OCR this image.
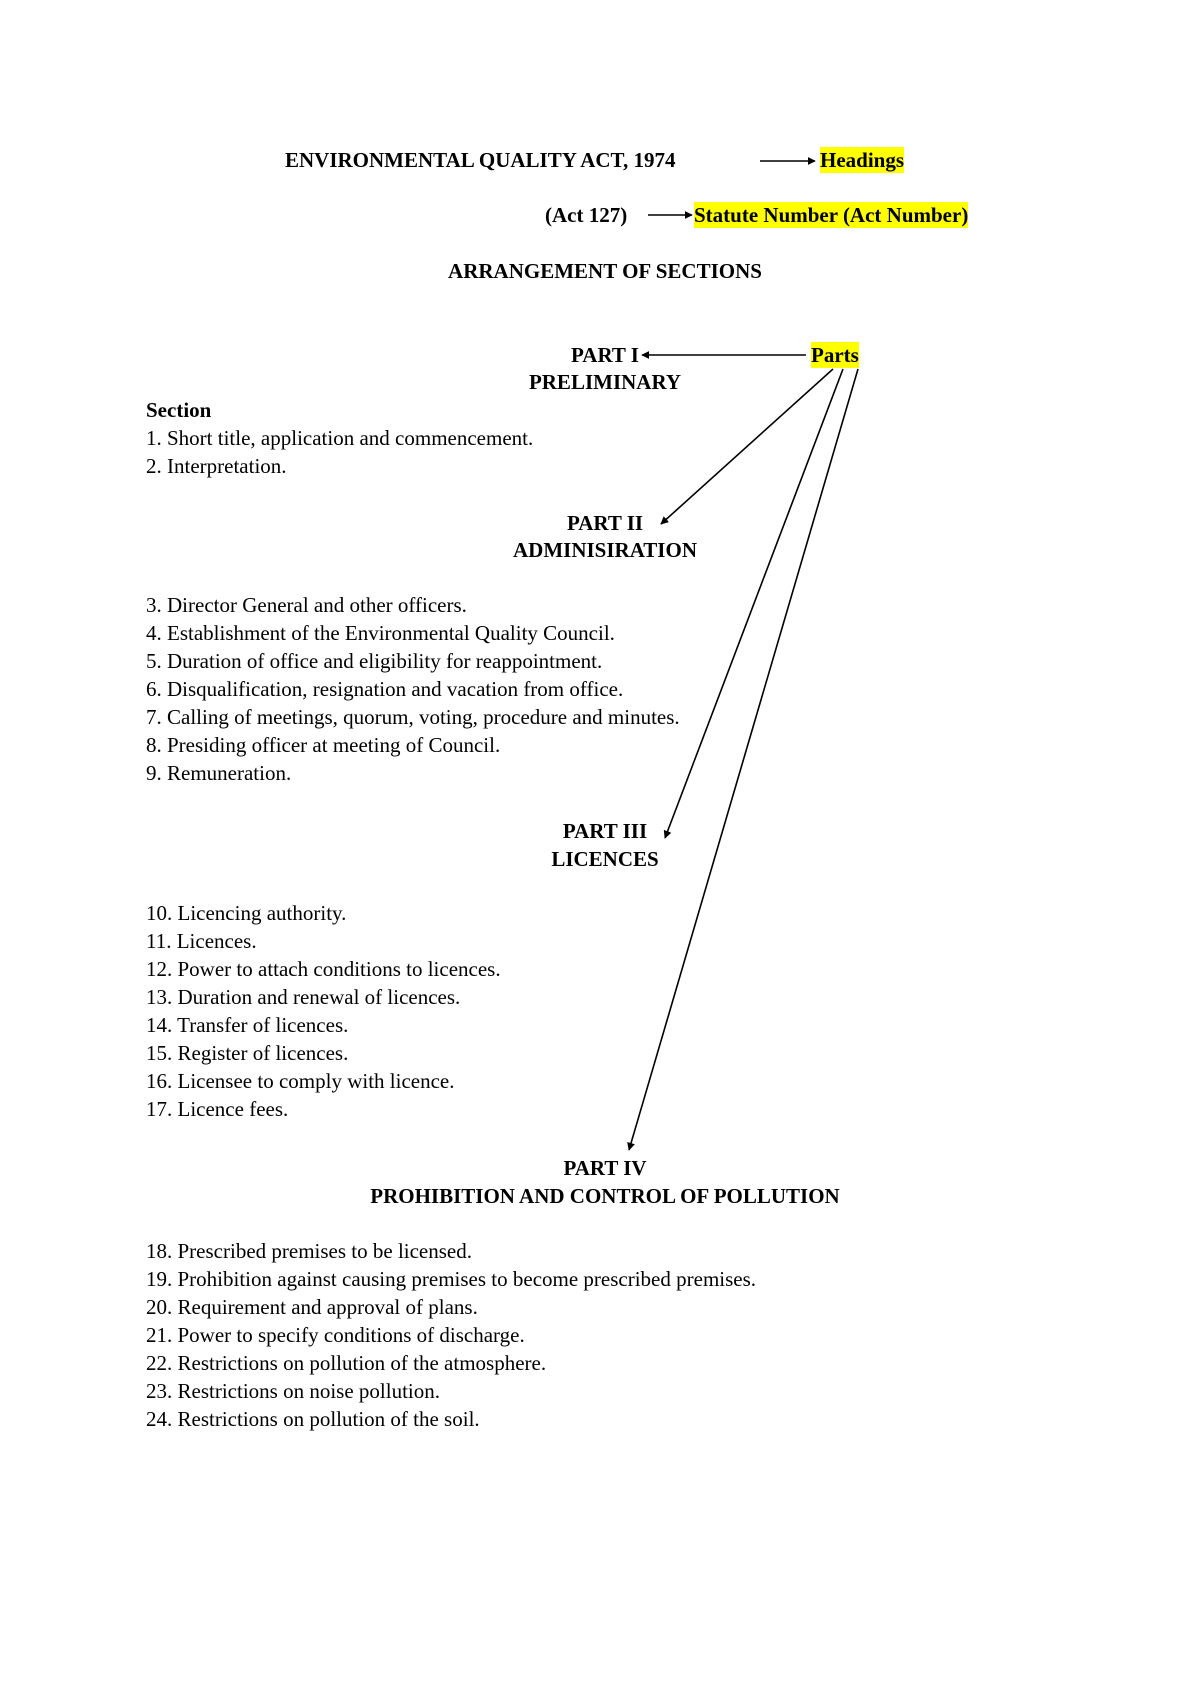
ENVIRONMENTAL QUALITY ACT, 1974	Headings
(Act 127)	Statute Number (Act Number)
ARRANGEMENT OF SECTIONS
Parts
PART I
PRELIMINARY
Section
1. Short title, application and commencement.
2. Interpretation.
PART II
ADMINISIRATION
3. Director General and other officers.
4. Establishment of the Environmental Quality Council.
5. Duration of office and eligibility for reappointment.
6. Disqualification, resignation and vacation from office.
7. Calling of meetings, quorum, voting, procedure and minutes.
8. Presiding officer at meeting of Council.
9. Remuneration.
PART III
LICENCES
10. Licencing authority.
11. Licences.
12. Power to attach conditions to licences.
13. Duration and renewal of licences.
14. Transfer of licences.
15. Register of licences.
16. Licensee to comply with licence.
17. Licence fees.
PART IV
PROHIBITION AND CONTROL OF POLLUTION
18. Prescribed premises to be licensed.
19. Prohibition against causing premises to become prescribed premises.
20. Requirement and approval of plans.
21. Power to specify conditions of discharge.
22. Restrictions on pollution of the atmosphere.
23. Restrictions on noise pollution.
24. Restrictions on pollution of the soil.
